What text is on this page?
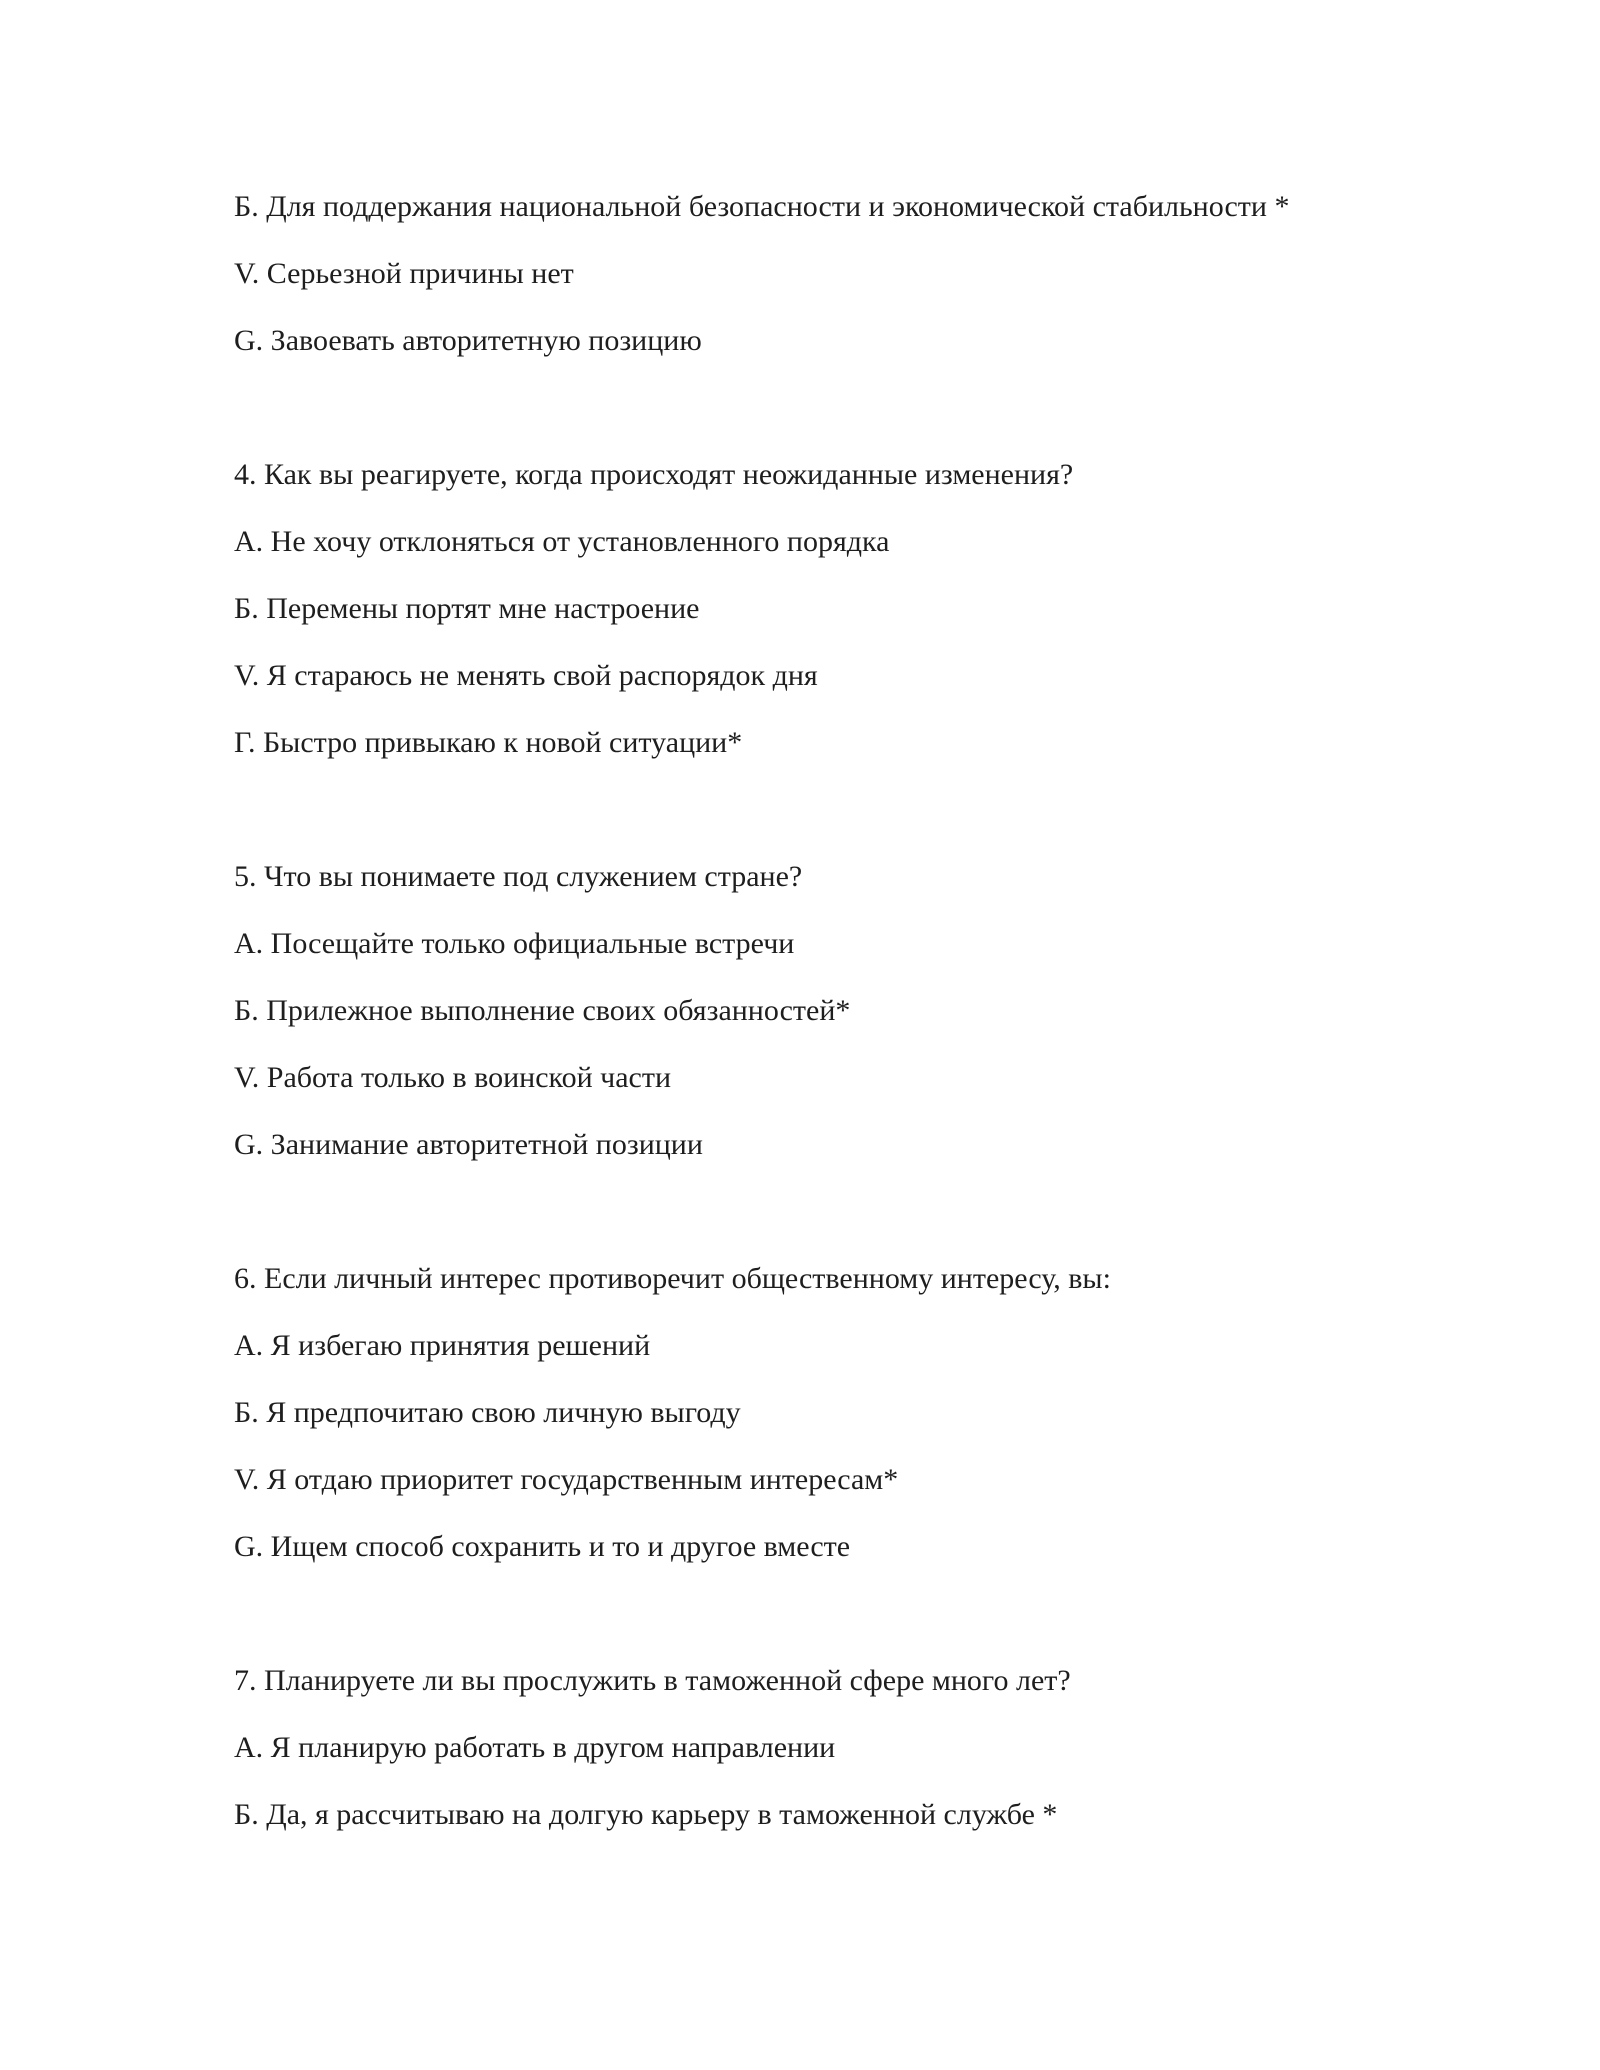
Б. Для поддержания национальной безопасности и экономической стабильности *
V. Серьезной причины нет
G. Завоевать авторитетную позицию
4. Как вы реагируете, когда происходят неожиданные изменения?
А. Не хочу отклоняться от установленного порядка
Б. Перемены портят мне настроение
V. Я стараюсь не менять свой распорядок дня
Г. Быстро привыкаю к новой ситуации*
5. Что вы понимаете под служением стране?
А. Посещайте только официальные встречи
Б. Прилежное выполнение своих обязанностей*
V. Работа только в воинской части
G. Занимание авторитетной позиции
6. Если личный интерес противоречит общественному интересу, вы:
А. Я избегаю принятия решений
Б. Я предпочитаю свою личную выгоду
V. Я отдаю приоритет государственным интересам*
G. Ищем способ сохранить и то и другое вместе
7. Планируете ли вы прослужить в таможенной сфере много лет?
А. Я планирую работать в другом направлении
Б. Да, я рассчитываю на долгую карьеру в таможенной службе *
